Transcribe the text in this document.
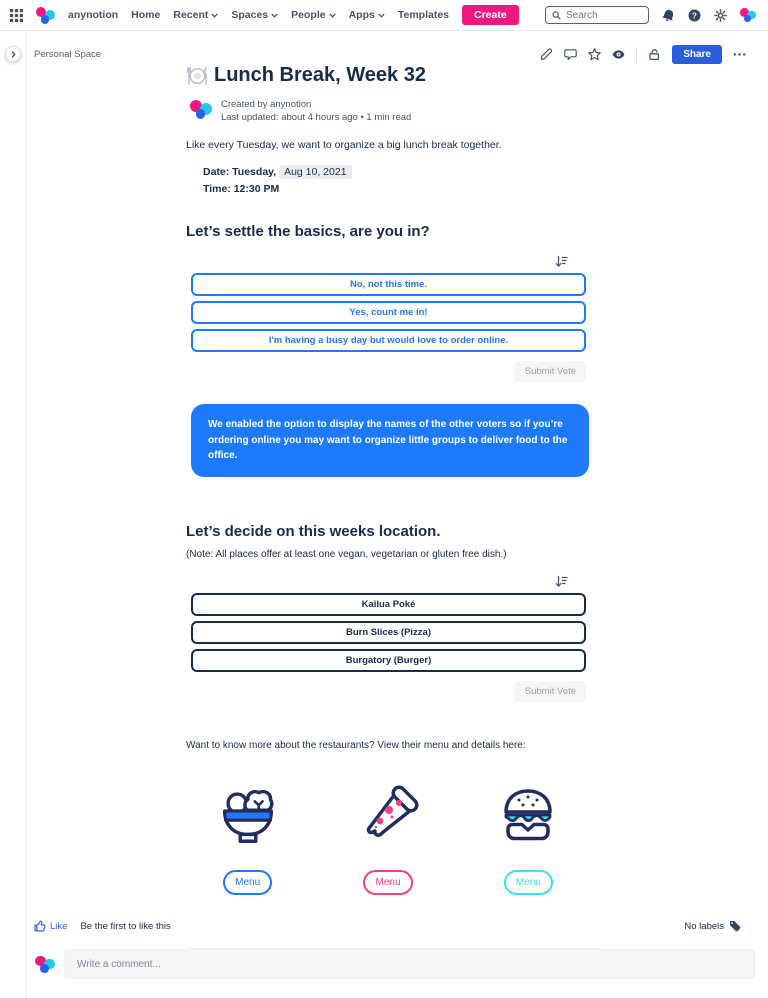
anynotion Home Recent Spaces People Apps Templates	Create
Search	?
Personal Space	Share
Lunch Break, Week 32
Created by anynotion
Last updated: about 4 hours ago • 1 min read

Like every Tuesday, we want to organize a big lunch break together.

Date: Tuesday, Aug 10, 2021
Time: 12:30 PM
Let’s settle the basics, are you in?
No, not this time.
Yes, count me in!
I'm having a busy day but would love to order online.
Submit Vote
We enabled the option to display the names of the other voters so if you’re ordering online you may want to organize little groups to deliver food to the office.
Let’s decide on this weeks location.

(Note: All places offer at least one vegan, vegetarian or gluten free dish.)

Kailua Poké
Burn Slices (Pizza)
Burgatory (Burger)
Submit Vote

Want to know more about the restaurants? View their menu and details here:

Menu	Menu	Menu
Like Be the first to like this	No labels
Write a comment...
